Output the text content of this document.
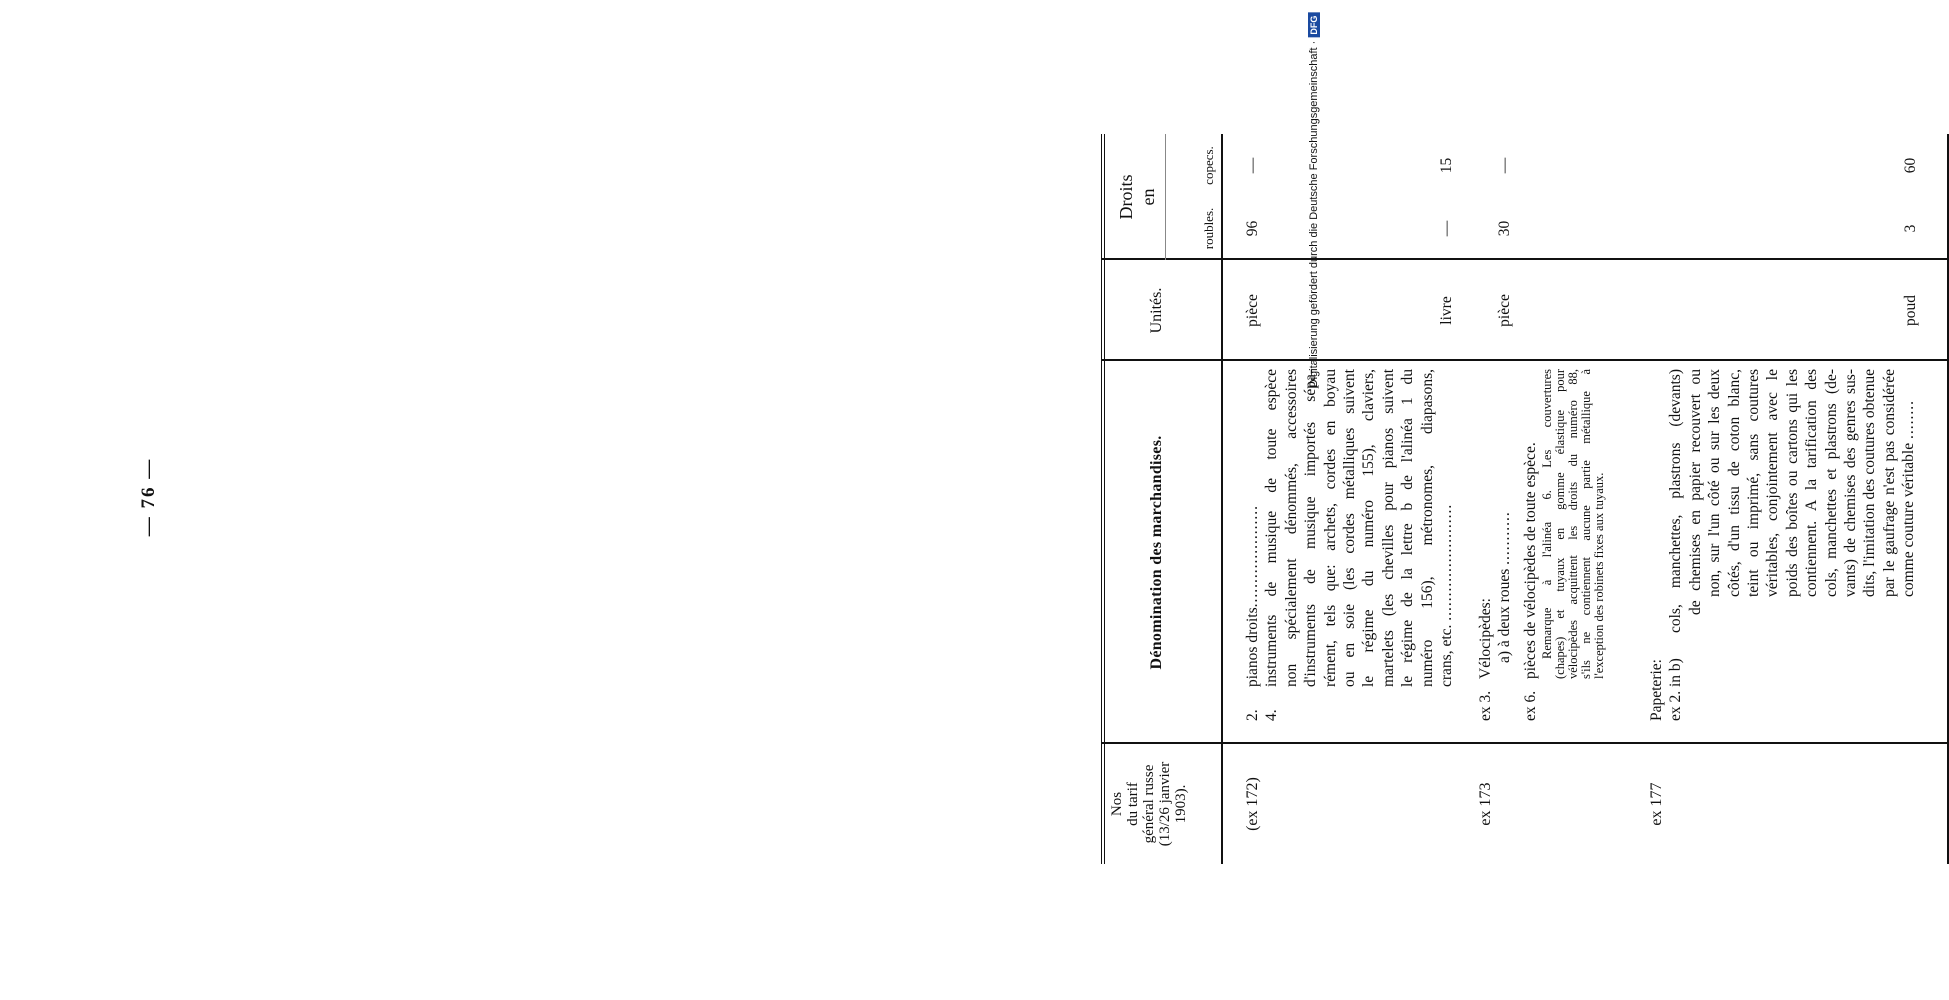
— 76 —
Digitalisierung gefördert durch die Deutsche Forschungsgemeinschaft ·
DFG
Nos du tarif général russe (13/26 janvier 1903).
Dénomination des marchandises.
Unités.
Droits en
roubles.
copecs.
(ex 172)
2.
pianos droits.....................
4.
instruments de musique de toute espèce non spécialement dénommés, accessoires d'instruments de musique importés sépa- rément, tels que: archets, cordes en boyau ou en soie (les cordes métalliques suivent le régime du numéro 155), claviers, martelets (les chevilles pour pianos suivent le régime de la lettre b de l'alinéa 1 du numéro 156), métronomes, diapasons, crans, etc. ........................
pièce
96
—
livre
—
15
ex 173
ex 3.
Vélocipèdes: a) à deux roues ...........
ex 6.
pièces de vélocipèdes de toute espèce. Remarque à l'alinéa 6. Les couvertures (chapes) et tuyaux en gomme élastique pour vélocipèdes acquittent les droits du numéro 88, s'ils ne contiennent aucune partie métallique à l'exception des robinets fixes aux tuyaux.
pièce
30
—
ex 177
Papeterie: ex 2. in b)
cols, manchettes, plastrons (devants) de chemises en papier recouvert ou non, sur l'un côté ou sur les deux côtés, d'un tissu de coton blanc, teint ou imprimé, sans coutures véritables, conjointement avec le poids des boîtes ou cartons qui les contiennent. A la tarification des cols, manchettes et plastrons (de- vants) de chemises des genres sus- dits, l'imitation des coutures obtenue par le gaufrage n'est pas considérée comme couture véritable ........
poud
3
60
